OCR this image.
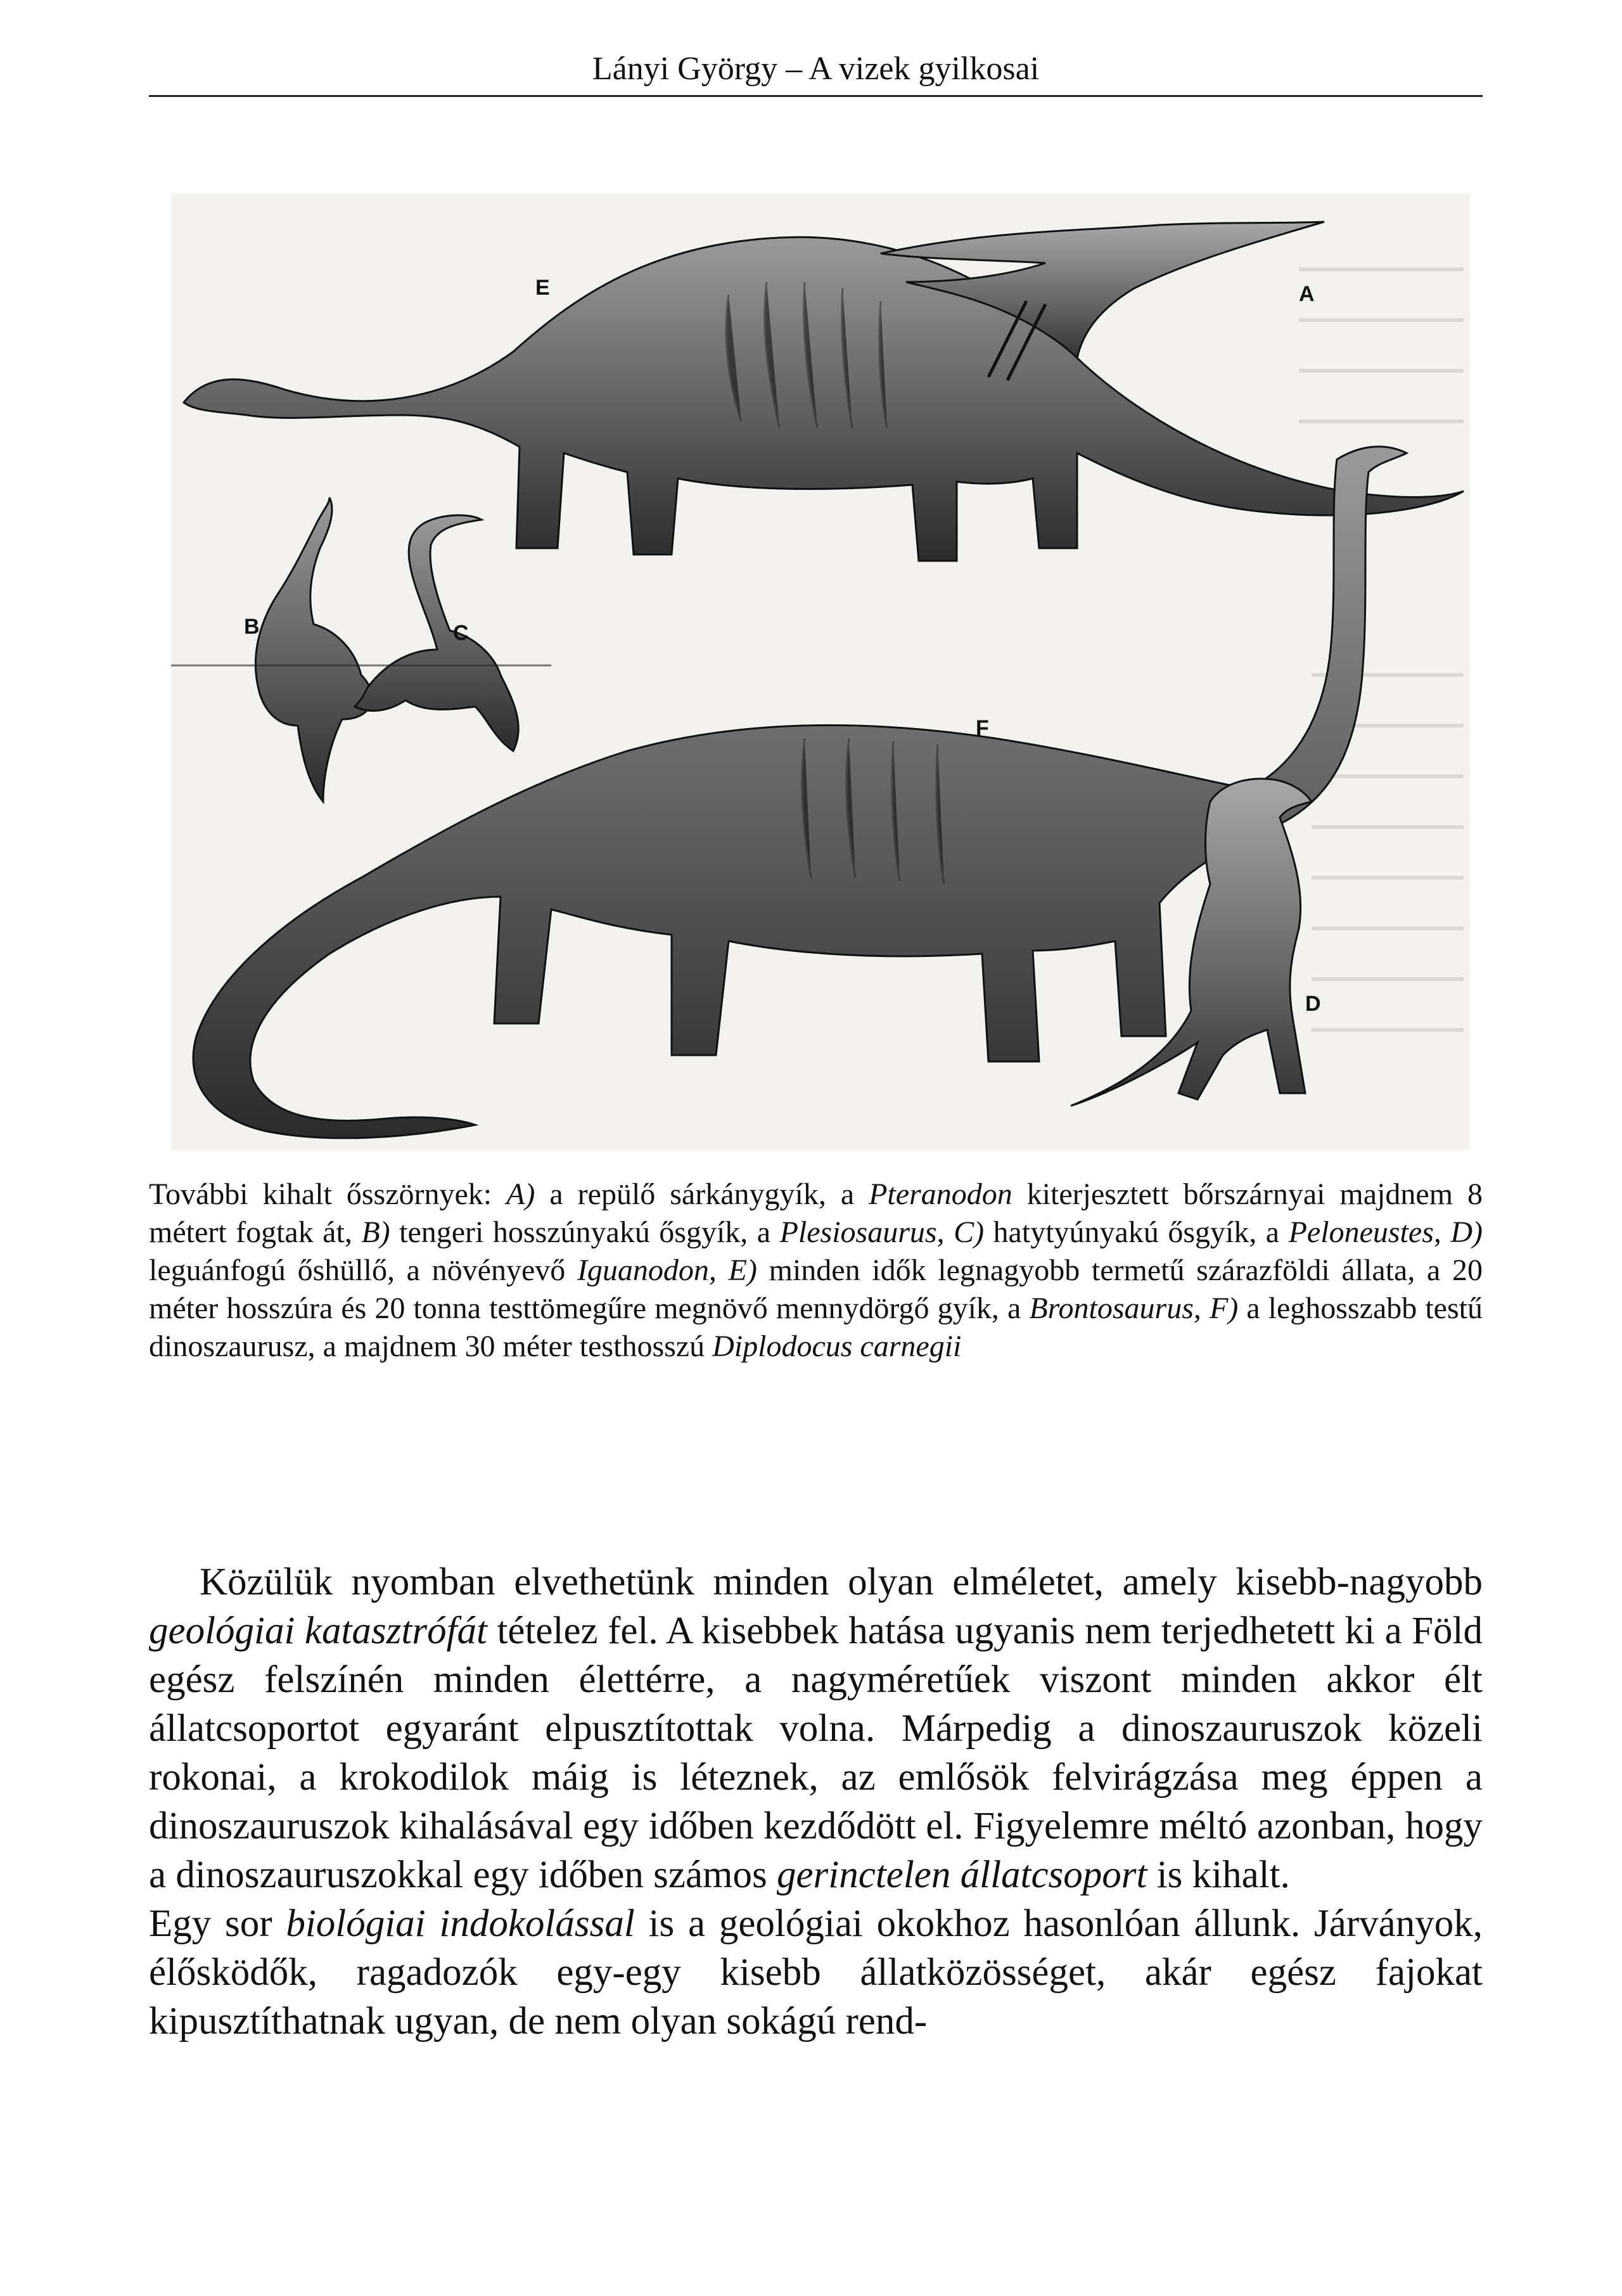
Lányi György – A vizek gyilkosai
E	A
B	C
F
D

További kihalt ősszörnyek: A) a repülő sárkánygyík, a Pteranodon kiterjesztett bőrszárnyai majdnem 8 métert fogtak át, B) tengeri hosszúnyakú ősgyík, a Plesiosaurus, C) hatytyúnyakú ősgyík, a Peloneustes, D) leguánfogú őshüllő, a növényevő Iguanodon, E) minden idők legnagyobb termetű szárazföldi állata, a 20 méter hosszúra és 20 tonna testtömegűre megnövő mennydörgő gyík, a Brontosaurus, F) a leghosszabb testű dinoszaurusz, a majdnem 30 méter testhosszú Diplodocus carnegii

Közülük nyomban elvethetünk minden olyan elméletet, amely kisebb-nagyobb geológiai katasztrófát tételez fel. A kisebbek hatása ugyanis nem terjedhetett ki a Föld egész felszínén minden élettérre, a nagyméretűek viszont minden akkor élt állatcsoportot egyaránt elpusztítottak volna. Márpedig a dinoszauruszok közeli rokonai, a krokodilok máig is léteznek, az emlősök felvirágzása meg éppen a dinoszauruszok kihalásával egy időben kezdődött el. Figyelemre méltó azonban, hogy a dinoszauruszokkal egy időben számos gerinctelen állatcsoport is kihalt.

Egy sor biológiai indokolással is a geológiai okokhoz hasonlóan állunk. Járványok, élősködők, ragadozók egy-egy kisebb állatközösséget, akár egész fajokat kipusztíthatnak ugyan, de nem olyan sokágú rend-
